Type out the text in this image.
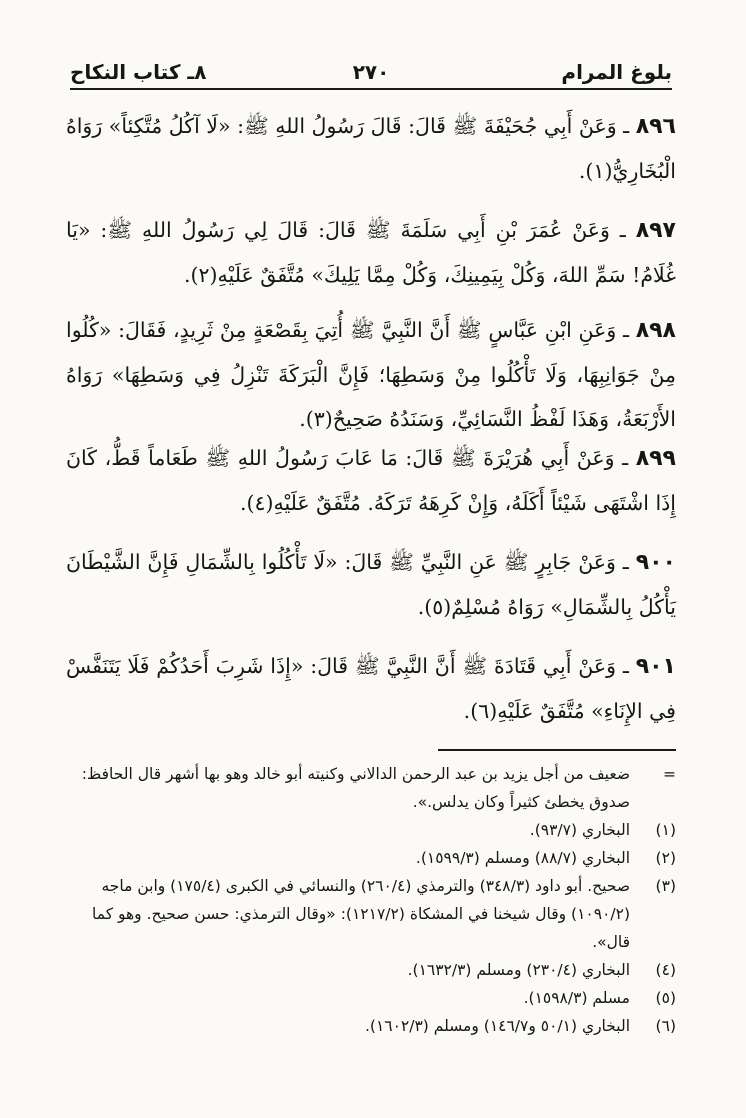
بلوغ المرام
٢٧٠
٨ـ كتاب النكاح

٨٩٦ ـ وَعَنْ أَبِي جُحَيْفَةَ ﷺ قَالَ: قَالَ رَسُولُ اللهِ ﷺ: «لَا آكُلُ مُتَّكِئاً» رَوَاهُ الْبُخَارِيُّ(١).

٨٩٧ ـ وَعَنْ عُمَرَ بْنِ أَبِي سَلَمَةَ ﷺ قَالَ: قَالَ لِي رَسُولُ اللهِ ﷺ: «يَا غُلَامُ! سَمِّ اللهَ، وَكُلْ بِيَمِينِكَ، وَكُلْ مِمَّا يَلِيكَ» مُتَّفَقٌ عَلَيْهِ(٢).

٨٩٨ ـ وَعَنِ ابْنِ عَبَّاسٍ ﷺ أَنَّ النَّبِيَّ ﷺ أُتِيَ بِقَصْعَةٍ مِنْ ثَرِيدٍ، فَقَالَ: «كُلُوا مِنْ جَوَانِبِهَا، وَلَا تَأْكُلُوا مِنْ وَسَطِهَا؛ فَإِنَّ الْبَرَكَةَ تَنْزِلُ فِي وَسَطِهَا» رَوَاهُ الأَرْبَعَةُ، وَهَذَا لَفْظُ النَّسَائِيِّ، وَسَنَدُهُ صَحِيحٌ(٣).

٨٩٩ ـ وَعَنْ أَبِي هُرَيْرَةَ ﷺ قَالَ: مَا عَابَ رَسُولُ اللهِ ﷺ طَعَاماً قَطُّ، كَانَ إِذَا اشْتَهَى شَيْئاً أَكَلَهُ، وَإِنْ كَرِهَهُ تَرَكَهُ. مُتَّفَقٌ عَلَيْهِ(٤).

٩٠٠ ـ وَعَنْ جَابِرٍ ﷺ عَنِ النَّبِيِّ ﷺ قَالَ: «لَا تَأْكُلُوا بِالشِّمَالِ فَإِنَّ الشَّيْطَانَ يَأْكُلُ بِالشِّمَالِ» رَوَاهُ مُسْلِمٌ(٥).

٩٠١ ـ وَعَنْ أَبِي قَتَادَةَ ﷺ أَنَّ النَّبِيَّ ﷺ قَالَ: «إِذَا شَرِبَ أَحَدُكُمْ فَلَا يَتَنَفَّسْ فِي الإِنَاءِ» مُتَّفَقٌ عَلَيْهِ(٦).

=
ضعيف من أجل يزيد بن عبد الرحمن الدالاني وكنيته أبو خالد وهو بها أشهر قال الحافظ: صدوق يخطئ كثيراً وكان يدلس.».
(١)
البخاري (٩٣/٧).
(٢)
البخاري (٨٨/٧) ومسلم (١٥٩٩/٣).
(٣)
صحيح. أبو داود (٣٤٨/٣) والترمذي (٢٦٠/٤) والنسائي في الكبرى (١٧٥/٤) وابن ماجه (١٠٩٠/٢) وقال شيخنا في المشكاة (١٢١٧/٢): «وقال الترمذي: حسن صحيح. وهو كما قال».
(٤)
البخاري (٢٣٠/٤) ومسلم (١٦٣٢/٣).
(٥)
مسلم (١٥٩٨/٣).
(٦)
البخاري (٥٠/١ و١٤٦/٧) ومسلم (١٦٠٢/٣).
